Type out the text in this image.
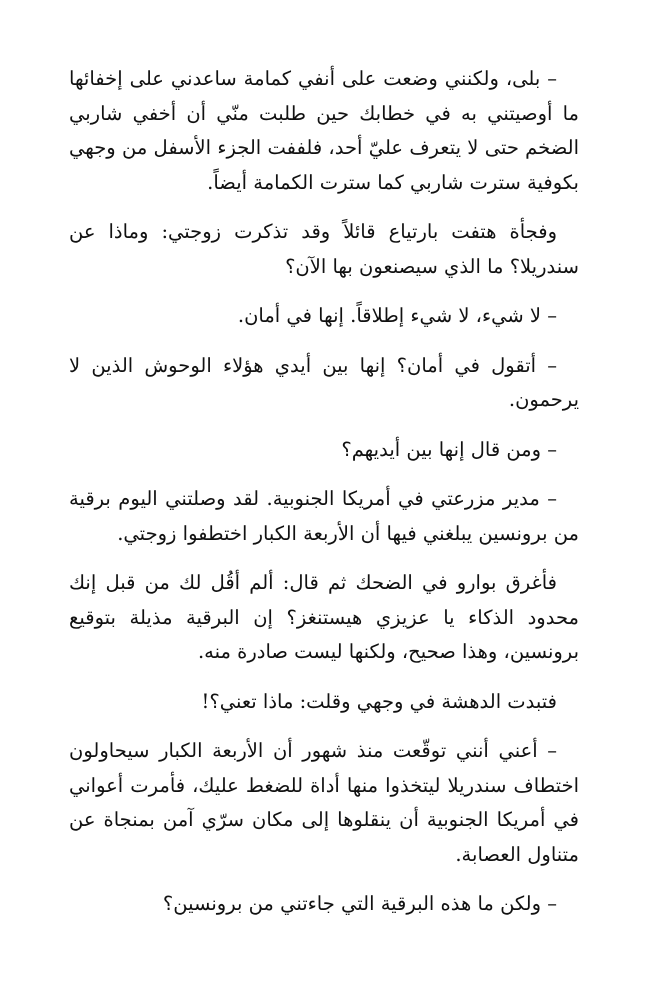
– بلى، ولكنني وضعت على أنفي كمامة ساعدني على إخفائها ما أوصيتني به في خطابك حين طلبت منّي أن أخفي شاربي الضخم حتى لا يتعرف عليّ أحد، فلففت الجزء الأسفل من وجهي بكوفية سترت شاربي كما سترت الكمامة أيضاً.

وفجأة هتفت بارتياع قائلاً وقد تذكرت زوجتي: وماذا عن سندريلا؟ ما الذي سيصنعون بها الآن؟

– لا شيء، لا شيء إطلاقاً. إنها في أمان.

– أتقول في أمان؟ إنها بين أيدي هؤلاء الوحوش الذين لا يرحمون.

– ومن قال إنها بين أيديهم؟

– مدير مزرعتي في أمريكا الجنوبية. لقد وصلتني اليوم برقية من برونسين يبلغني فيها أن الأربعة الكبار اختطفوا زوجتي.

فأغرق بوارو في الضحك ثم قال: ألم أقُل لك من قبل إنك محدود الذكاء يا عزيزي هيستنغز؟ إن البرقية مذيلة بتوقيع برونسين، وهذا صحيح، ولكنها ليست صادرة منه.

فتبدت الدهشة في وجهي وقلت: ماذا تعني؟!

– أعني أنني توقّعت منذ شهور أن الأربعة الكبار سيحاولون اختطاف سندريلا ليتخذوا منها أداة للضغط عليك، فأمرت أعواني في أمريكا الجنوبية أن ينقلوها إلى مكان سرّي آمن بمنجاة عن متناول العصابة.

– ولكن ما هذه البرقية التي جاءتني من برونسين؟
